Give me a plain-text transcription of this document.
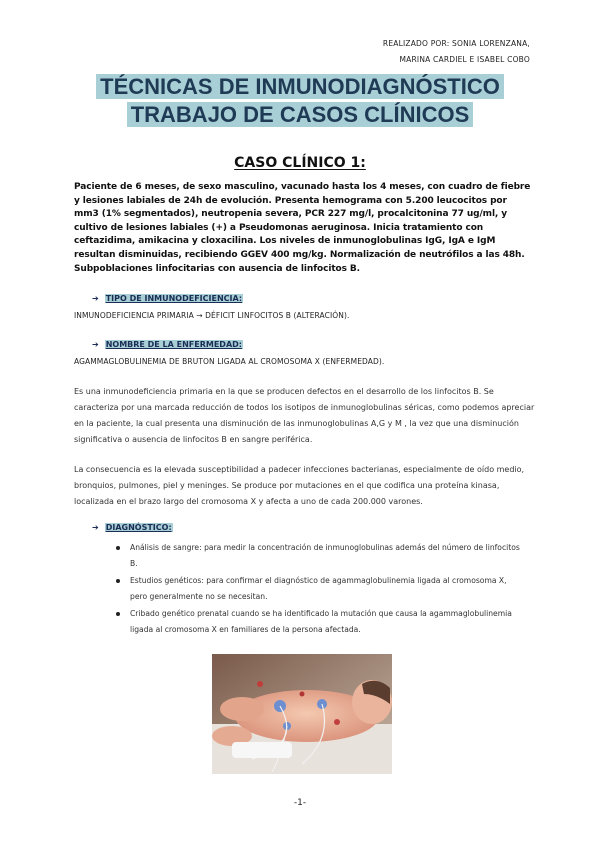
REALIZADO POR: SONIA LORENZANA,
MARINA CARDIEL E ISABEL COBO
TÉCNICAS DE INMUNODIAGNÓSTICO
TRABAJO DE CASOS CLÍNICOS
CASO CLÍNICO 1:
Paciente de 6 meses, de sexo masculino, vacunado hasta los 4 meses, con cuadro de fiebre y lesiones labiales de 24h de evolución. Presenta hemograma con 5.200 leucocitos por mm3 (1% segmentados), neutropenia severa, PCR 227 mg/l, procalcitonina 77 ug/ml, y cultivo de lesiones labiales (+) a Pseudomonas aeruginosa. Inicia tratamiento con ceftazidima, amikacina y cloxacilina. Los niveles de inmunoglobulinas IgG, IgA e IgM resultan disminuidas, recibiendo GGEV 400 mg/kg. Normalización de neutrófilos a las 48h. Subpoblaciones linfocitarias con ausencia de linfocitos B.
➔ TIPO DE INMUNODEFICIENCIA:
INMUNODEFICIENCIA PRIMARIA → DÉFICIT LINFOCITOS B (ALTERACIÓN).
➔ NOMBRE DE LA ENFERMEDAD:
AGAMMAGLOBULINEMIA DE BRUTON LIGADA AL CROMOSOMA X (ENFERMEDAD).
Es una inmunodeficiencia primaria en la que se producen defectos en el desarrollo de los linfocitos B. Se caracteriza por una marcada reducción de todos los isotipos de inmunoglobulinas séricas, como podemos apreciar en la paciente, la cual presenta una disminución de las inmunoglobulinas A,G y M , la vez que una disminución significativa o ausencia de linfocitos B en sangre periférica.
La consecuencia es la elevada susceptibilidad a padecer infecciones bacterianas, especialmente de oído medio, bronquios, pulmones, piel y meninges. Se produce por mutaciones en el que codifica una proteína kinasa, localizada en el brazo largo del cromosoma X y afecta a uno de cada 200.000 varones.
➔ DIAGNÓSTICO:
Análisis de sangre: para medir la concentración de inmunoglobulinas además del número de linfocitos B.
Estudios genéticos: para confirmar el diagnóstico de agammaglobulinemia ligada al cromosoma X, pero generalmente no se necesitan.
Cribado genético prenatal cuando se ha identificado la mutación que causa la agammaglobulinemia ligada al cromosoma X en familiares de la persona afectada.
-1-
